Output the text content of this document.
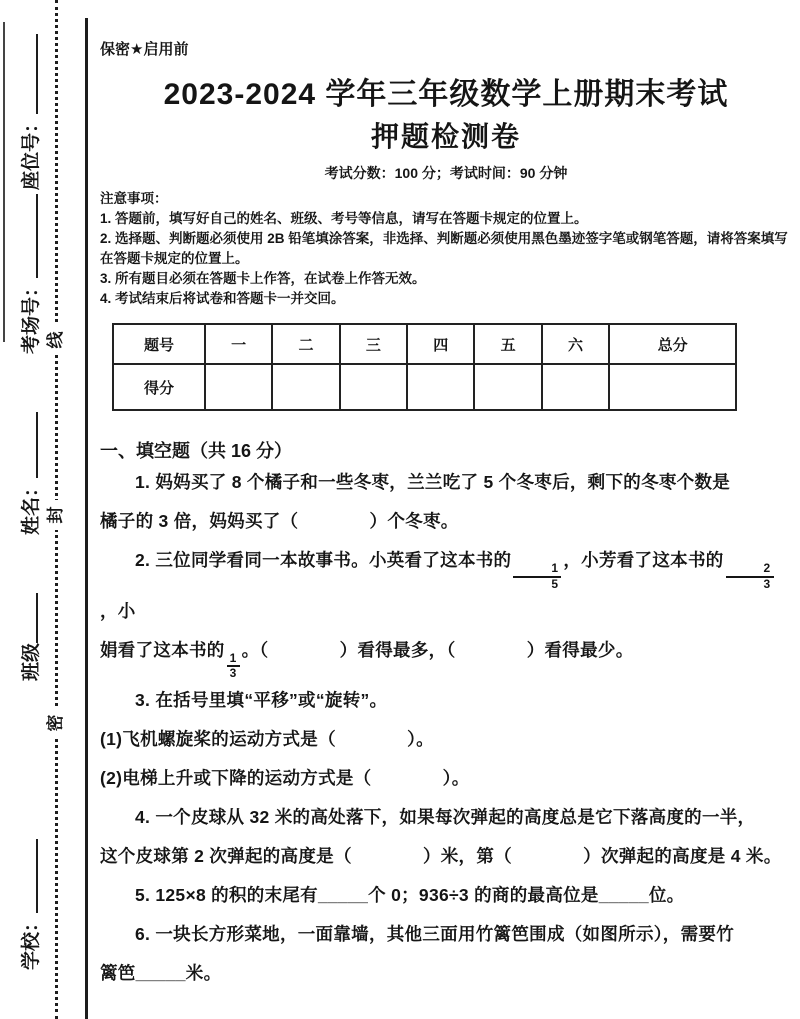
学校：
班级
姓名：
考场号：
座位号：
线
封
密
保密★启用前
2023-2024 学年三年级数学上册期末考试
押题检测卷
考试分数：100 分；考试时间：90 分钟

注意事项：

1. 答题前，填写好自己的姓名、班级、考号等信息，请写在答题卡规定的位置上。

2. 选择题、判断题必须使用 2B 铅笔填涂答案，非选择、判断题必须使用黑色墨迹签字笔或钢笔答题，请将答案填写在答题卡规定的位置上。

3. 所有题目必须在答题卡上作答，在试卷上作答无效。

4. 考试结束后将试卷和答题卡一并交回。

题号	一	二	三	四	五	六	总分
得分							
一、填空题（共 16 分）

1. 妈妈买了 8 个橘子和一些冬枣，兰兰吃了 5 个冬枣后，剩下的冬枣个数是

橘子的 3 倍，妈妈买了（　　　　）个冬枣。

2. 三位同学看同一本故事书。小英看了这本书的
$\frac{1}{5}$
，小芳看了这本书的
$\frac{2}{3}$
，小

娟看了这本书的
$\frac{1}{3}$
。（　　　　）看得最多，（　　　　）看得最少。

3. 在括号里填“平移”或“旋转”。

(1)飞机螺旋桨的运动方式是（　　　　）。

(2)电梯上升或下降的运动方式是（　　　　）。

4. 一个皮球从 32 米的高处落下，如果每次弹起的高度总是它下落高度的一半，

这个皮球第 2 次弹起的高度是（　　　　）米，第（　　　　）次弹起的高度是 4 米。

5. 125×8 的积的末尾有_____个 0；936÷3 的商的最高位是_____位。

6. 一块长方形菜地，一面靠墙，其他三面用竹篱笆围成（如图所示），需要竹

篱笆_____米。
